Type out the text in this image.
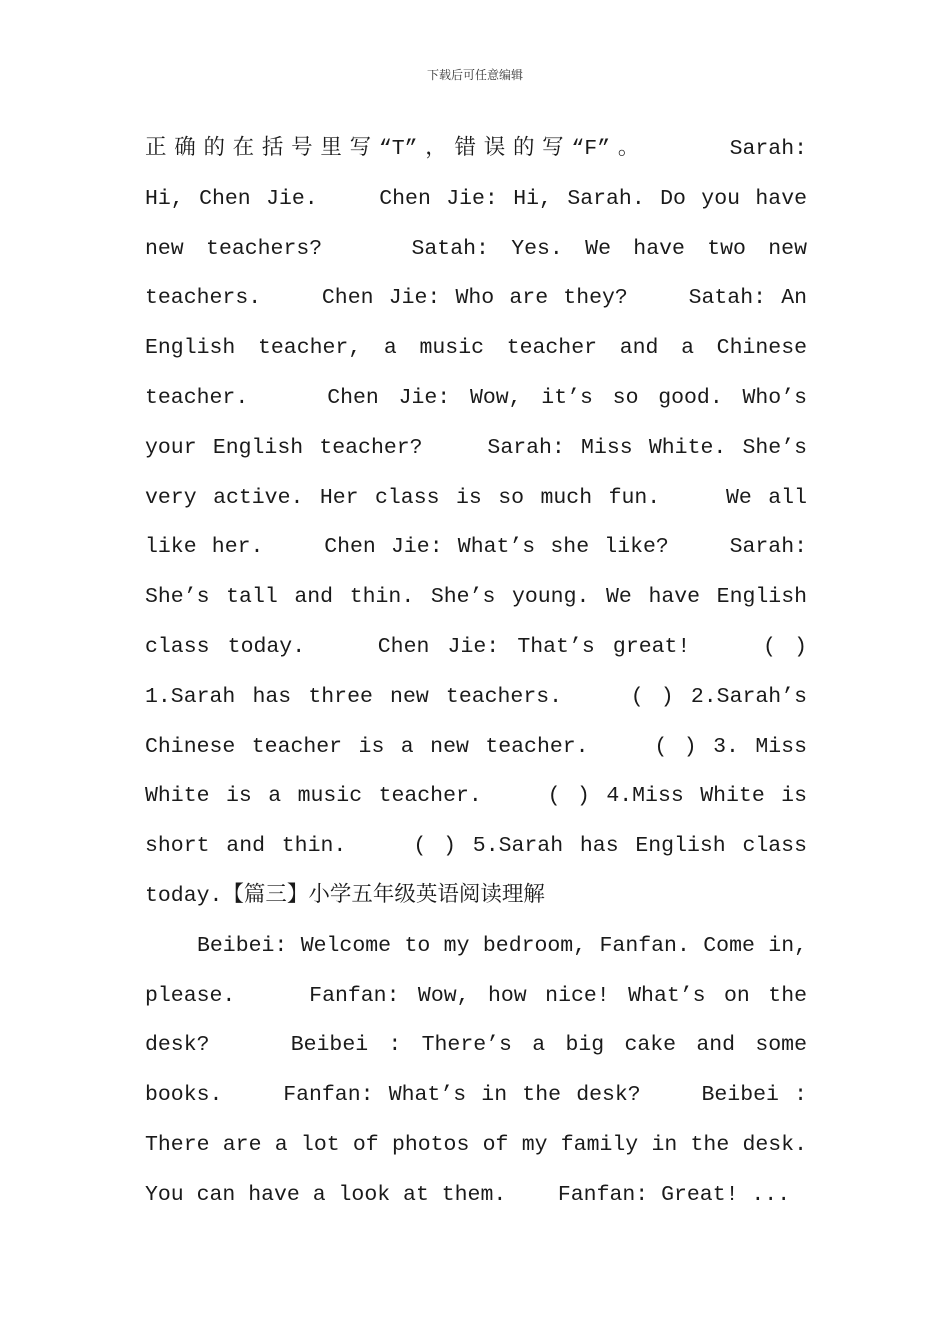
下载后可任意编辑
正确的在括号里写“T”，错误的写“F”。    Sarah:
Hi, Chen Jie.    Chen Jie: Hi, Sarah. Do you have
new teachers?    Satah: Yes. We have two new
teachers.    Chen Jie: Who are they?    Satah: An
English teacher, a music teacher and a Chinese
teacher.    Chen Jie: Wow, it’s so good. Who’s
your English teacher?    Sarah: Miss White. She’s
very active. Her class is so much fun.    We all
like her.    Chen Jie: What’s she like?    Sarah:
She’s tall and thin. She’s young. We have English
class today.    Chen Jie: That’s great!    ( )
1.Sarah has three new teachers.    ( ) 2.Sarah’s
Chinese teacher is a new teacher.    ( ) 3. Miss
White is a music teacher.    ( ) 4.Miss White is
short and thin.    ( ) 5.Sarah has English class
today.【篇三】小学五年级英语阅读理解
Beibei: Welcome to my bedroom, Fanfan. Come in,
please.    Fanfan: Wow, how nice! What’s on the
desk?    Beibei : There’s a big cake and some
books.    Fanfan: What’s in the desk?    Beibei :
There are a lot of photos of my family in the desk.
You can have a look at them.    Fanfan: Great! ...
